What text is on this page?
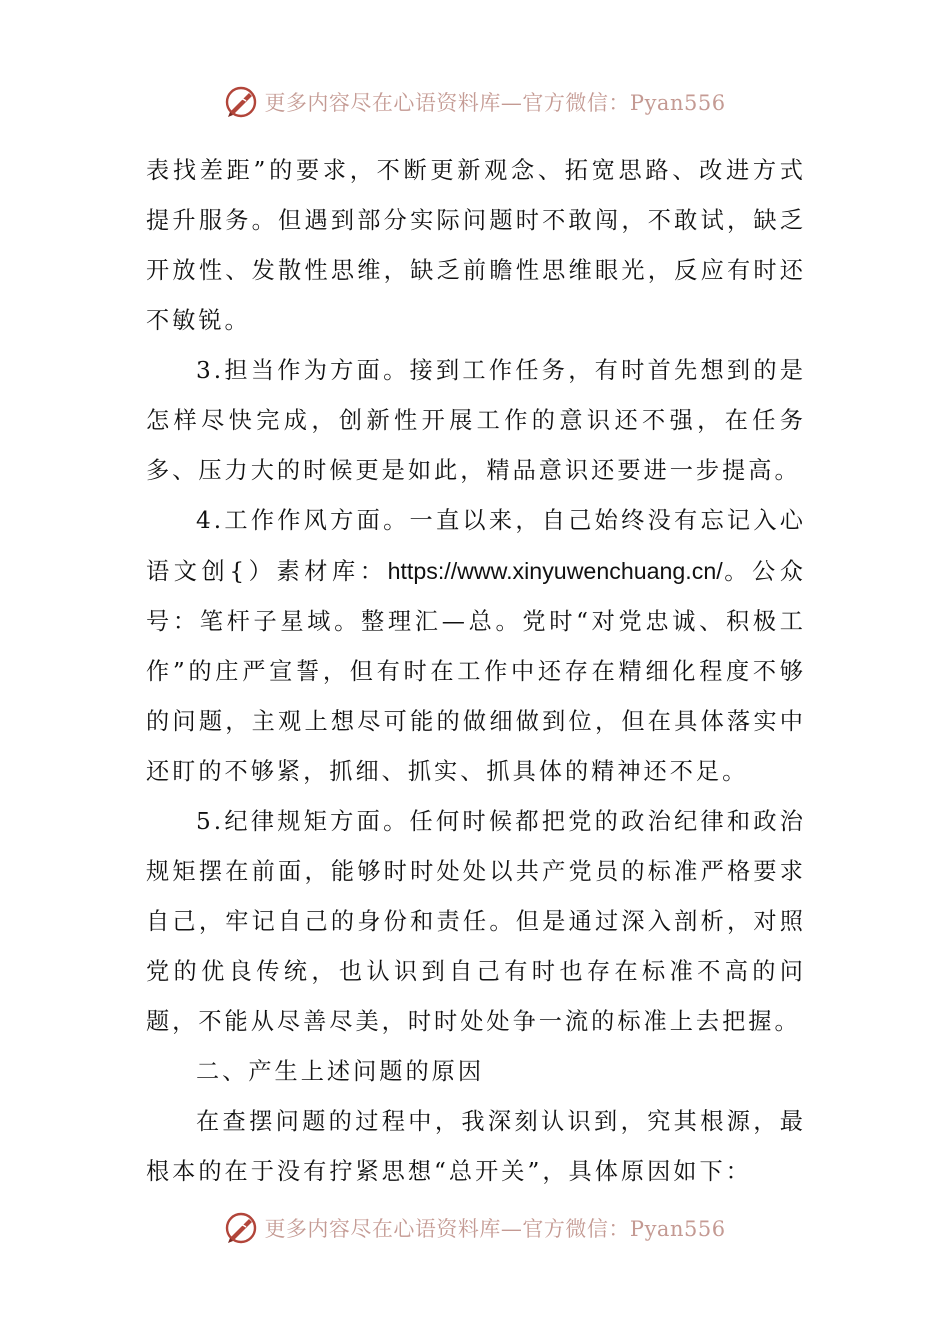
更多内容尽在心语资料库—官方微信：Pyan556

表找差距”的要求，不断更新观念、拓宽思路、改进方式提升服务。但遇到部分实际问题时不敢闯，不敢试，缺乏开放性、发散性思维，缺乏前瞻性思维眼光，反应有时还不敏锐。

3.担当作为方面。接到工作任务，有时首先想到的是怎样尽快完成，创新性开展工作的意识还不强，在任务多、压力大的时候更是如此，精品意识还要进一步提高。

4.工作作风方面。一直以来，自己始终没有忘记入心语文创{）素材库：https://www.xinyuwenchuang.cn/。公众号：笔杆子星域。整理汇—总。党时“对党忠诚、积极工作”的庄严宣誓，但有时在工作中还存在精细化程度不够的问题，主观上想尽可能的做细做到位，但在具体落实中还盯的不够紧，抓细、抓实、抓具体的精神还不足。

5.纪律规矩方面。任何时候都把党的政治纪律和政治规矩摆在前面，能够时时处处以共产党员的标准严格要求自己，牢记自己的身份和责任。但是通过深入剖析，对照党的优良传统，也认识到自己有时也存在标准不高的问题，不能从尽善尽美，时时处处争一流的标准上去把握。

二、产生上述问题的原因

在查摆问题的过程中，我深刻认识到，究其根源，最根本的在于没有拧紧思想“总开关”，具体原因如下：

更多内容尽在心语资料库—官方微信：Pyan556
